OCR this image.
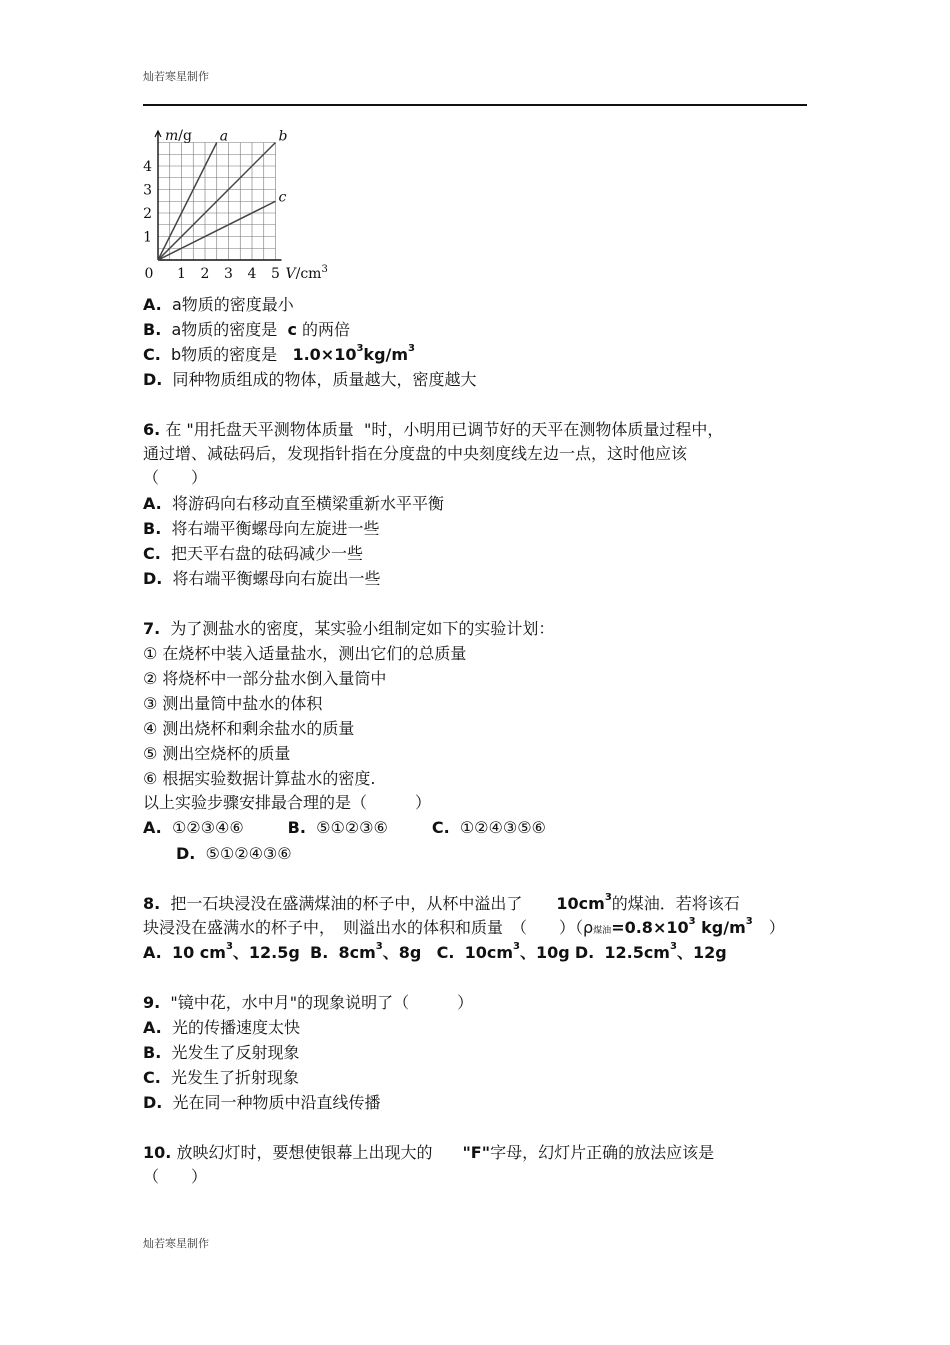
灿若寒星制作
a	b
c
1 2 3 4 5
1
2
3
4
0
m/g
$V/cm^3$
A. a物质的密度最小
B. a物质的密度是 c 的两倍
C. b物质的密度是 $1.0\times 10^3kg/m^3$
D. 同种物质组成的物体，质量越大，密度越大
6. 在 "用托盘天平测物体质量 "时，小明用已调节好的天平在测物体质量过程中，
通过增、减砝码后，发现指针指在分度盘的中央刻度线左边一点，这时他应该
（　　）
A. 将游码向右移动直至横梁重新水平平衡
B. 将右端平衡螺母向左旋进一些
C. 把天平右盘的砝码减少一些
D. 将右端平衡螺母向右旋出一些
7. 为了测盐水的密度，某实验小组制定如下的实验计划：
① 在烧杯中装入适量盐水，测出它们的总质量
② 将烧杯中一部分盐水倒入量筒中
③ 测出量筒中盐水的体积
④ 测出烧杯和剩余盐水的质量
⑤ 测出空烧杯的质量
⑥ 根据实验数据计算盐水的密度.
以上实验步骤安排最合理的是（　　　）
A. ①②③④⑥	B. ⑤①②③⑥	C. ①②④③⑤⑥
D. ⑤①②④③⑥
8. 把一石块浸没在盛满煤油的杯子中，从杯中溢出了 $10cm^3$的煤油．若将该石
块浸没在盛满水的杯子中，　则溢出水的体积和质量　（　　）（ρ煤油$=0.8\times 10^3$ $kg/m^3$　）
A. 10 $cm^3$、12.5g B. $8cm^3$、8g C. $10cm^3$、10g D. $12.5cm^3$、12g
9. "镜中花，水中月"的现象说明了（　　　）
A. 光的传播速度太快
B. 光发生了反射现象
C. 光发生了折射现象
D. 光在同一种物质中沿直线传播
10. 放映幻灯时，要想使银幕上出现大的 "F"字母，幻灯片正确的放法应该是
（　　）
灿若寒星制作
